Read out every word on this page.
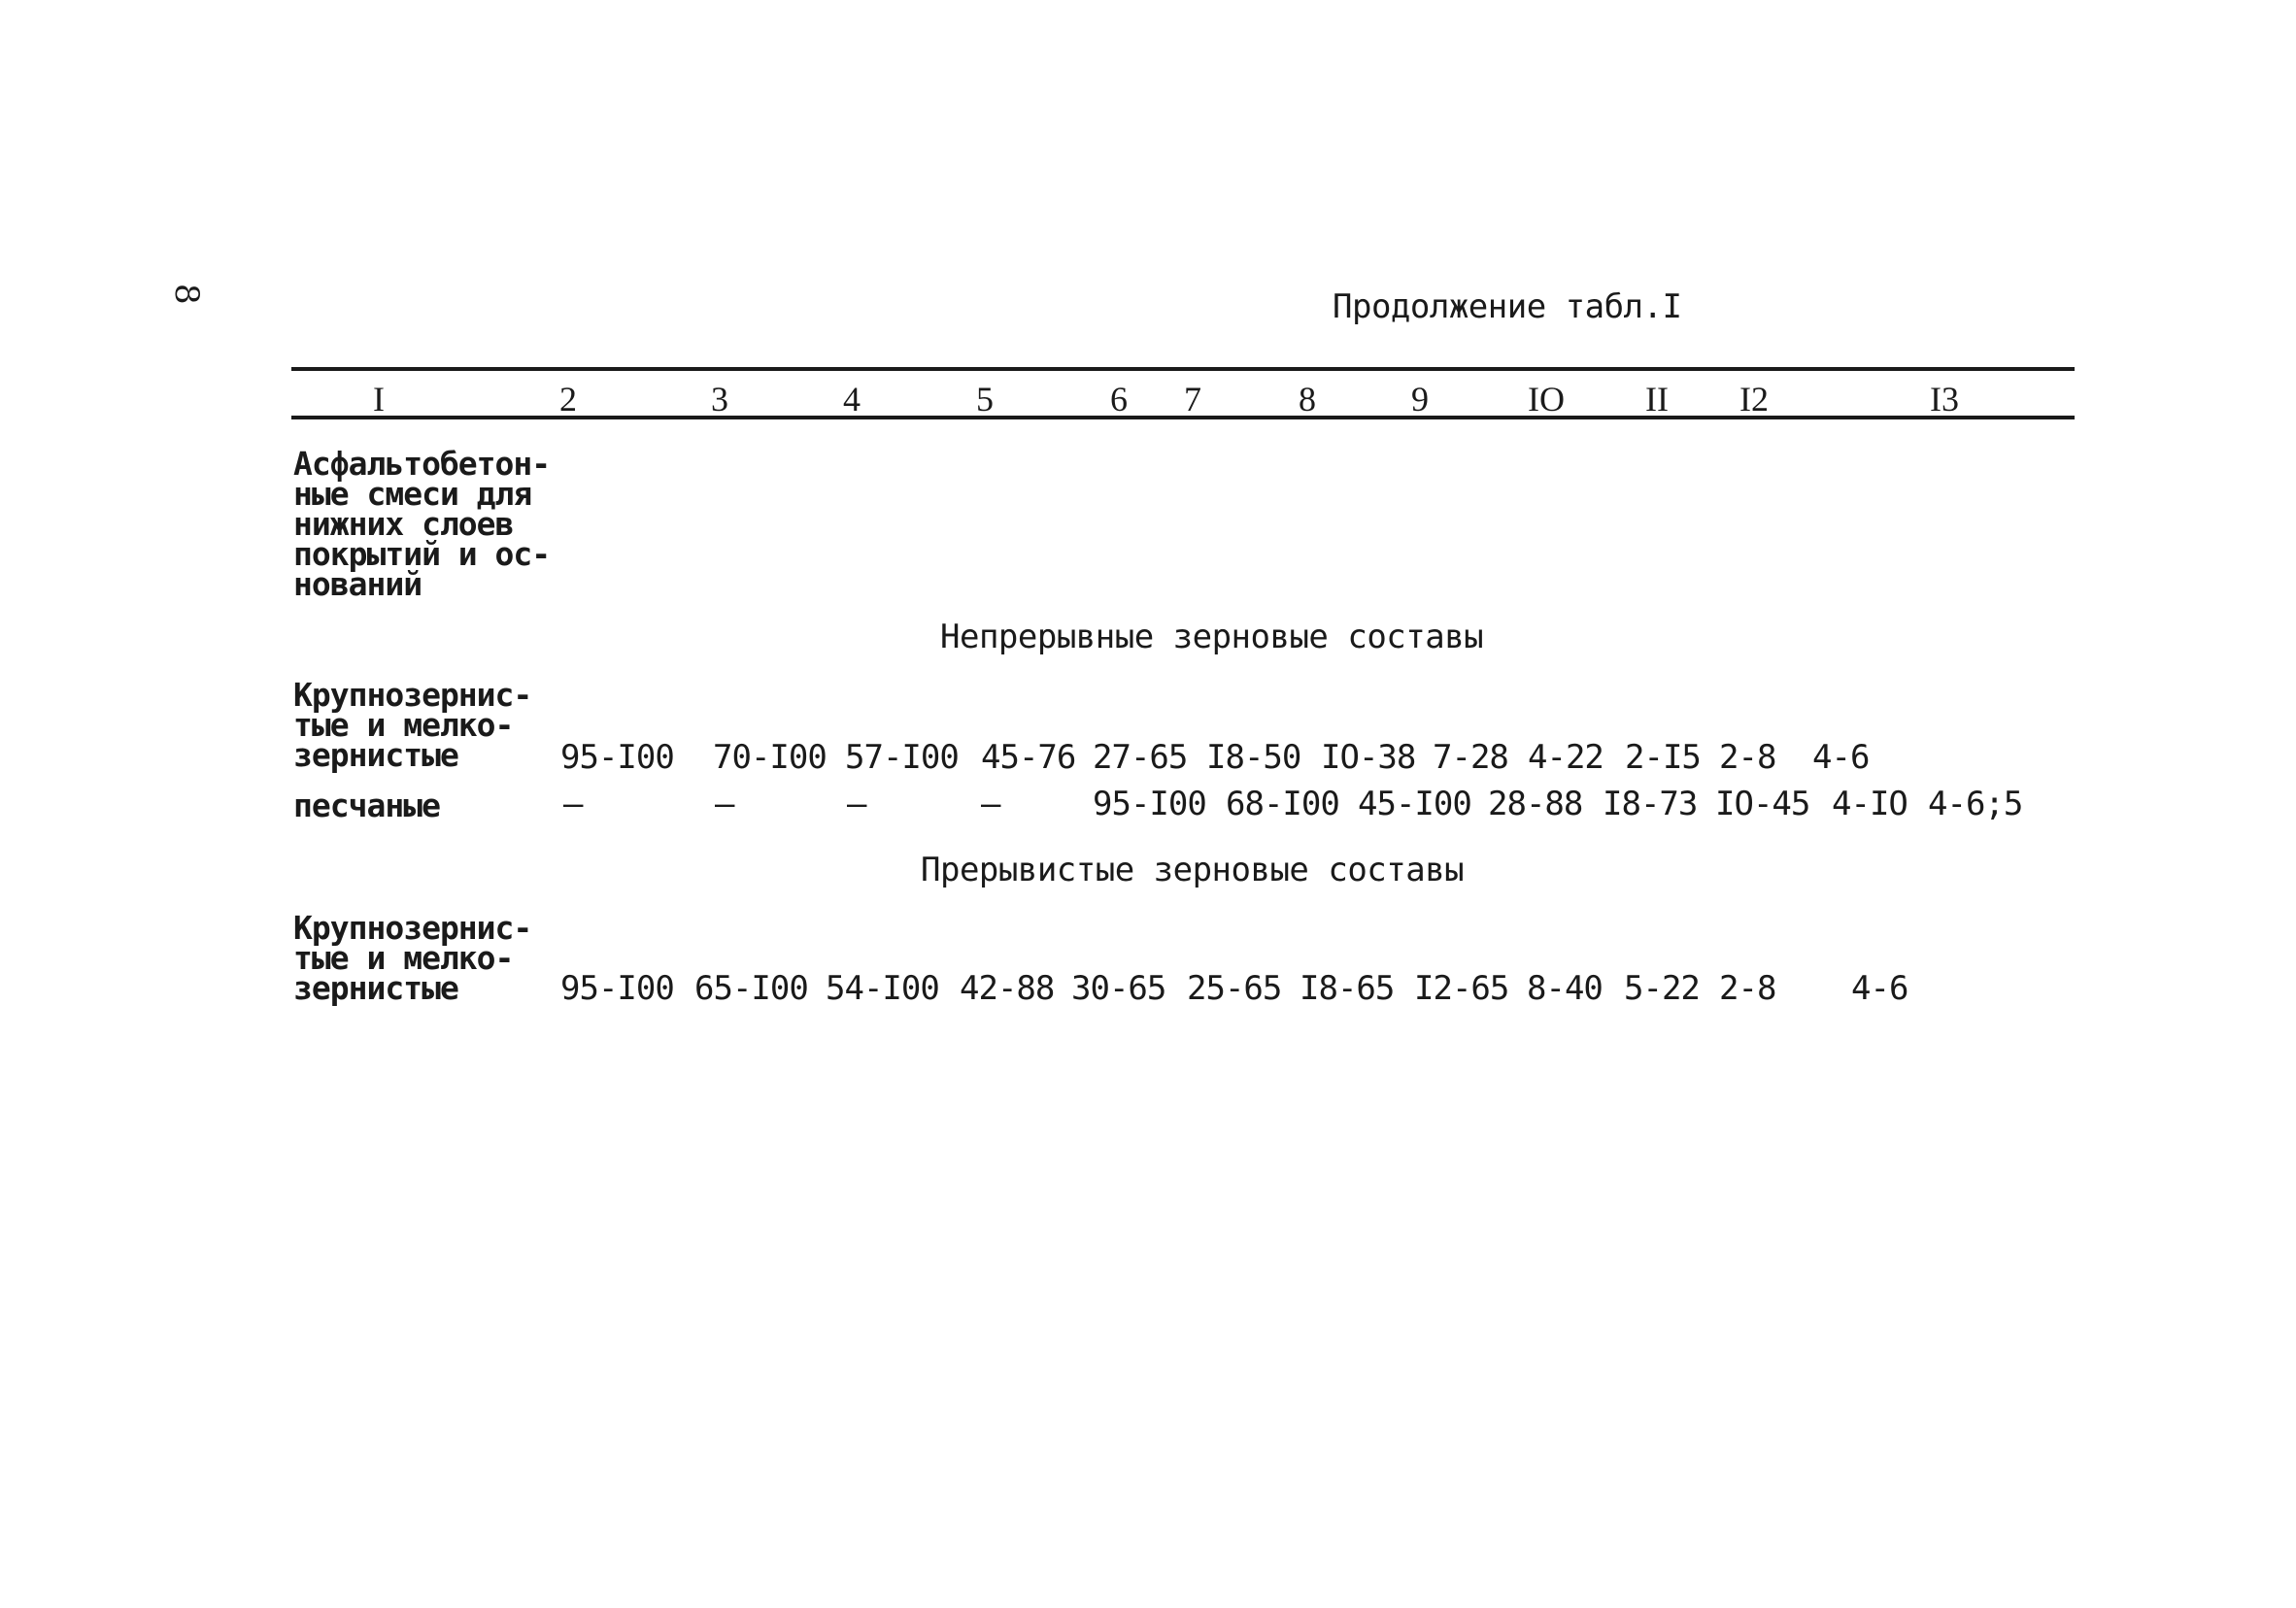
8	Продолжение табл.I
I	2	3	4	5	6 7	8	9	IO II I2	I3
Асфальтобетон-
ные смеси для
нижних слоев
покрытий и ос-
нований
Непрерывные зерновые составы
Крупнозернис-
тые и мелко-
зернистые	95-I00 70-I00 57-I00 45-76 27-65 I8-50 IO-38 7-28 4-22 2-I5 2-8 4-6
песчаные	–	–	–	–	95-I00 68-I00 45-I00 28-88 I8-73 IO-45 4-IO 4-6;5
Прерывистые зерновые составы
Крупнозернис-
тые и мелко-
зернистые	95-I00 65-I00 54-I00 42-88 30-65 25-65 I8-65 I2-65 8-40 5-22 2-8 4-6
